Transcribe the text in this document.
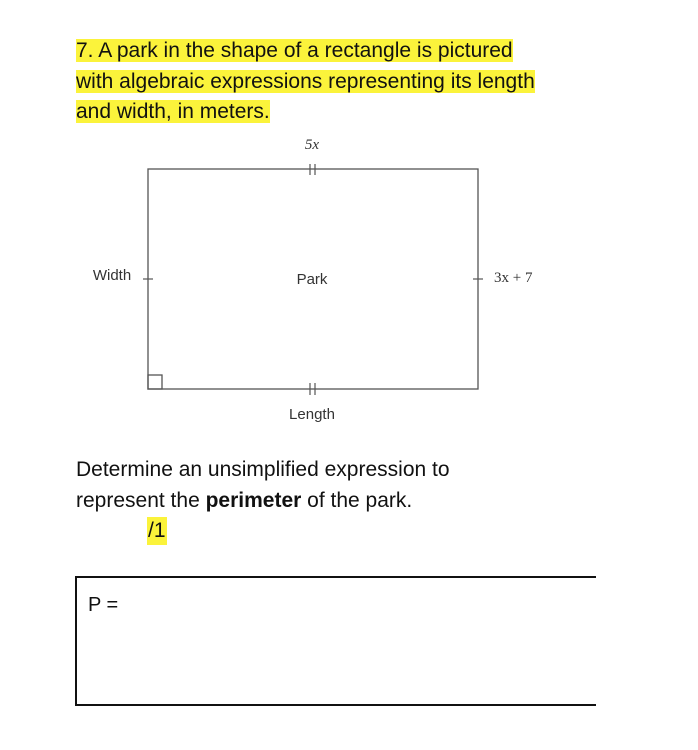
7. A park in the shape of a rectangle is pictured
with algebraic expressions representing its length
and width, in meters.
5x
Width	Park	3x + 7
Length
Determine an unsimplified expression to
represent the perimeter of the park.
/1
P =
